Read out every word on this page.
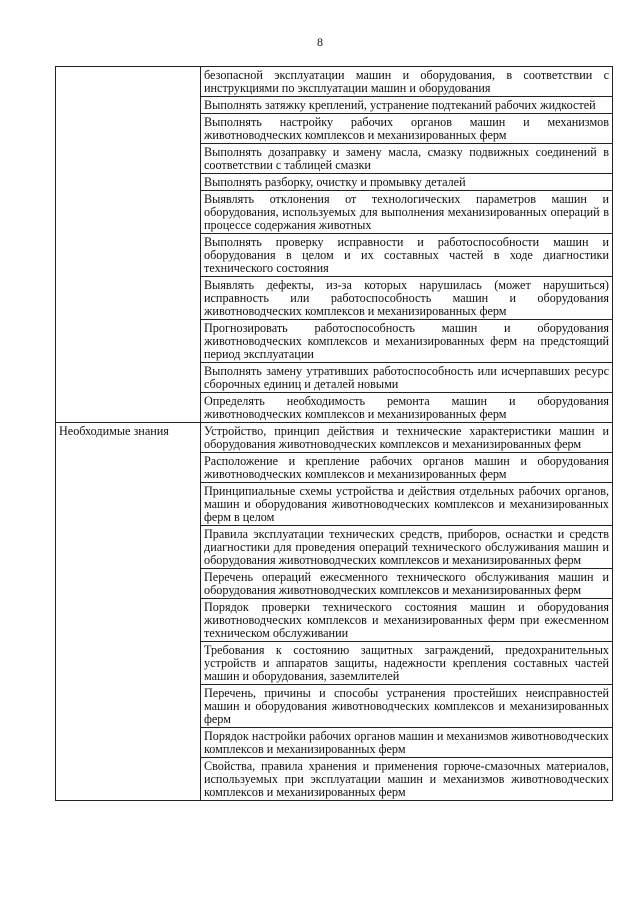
8

	безопасной эксплуатации машин и оборудования, в соответствии с инструкциями по эксплуатации машин и оборудования

	Выполнять затяжку креплений, устранение подтеканий рабочих жидкостей

	Выполнять настройку рабочих органов машин и механизмов животноводческих комплексов и механизированных ферм

	Выполнять дозаправку и замену масла, смазку подвижных соединений в соответствии с таблицей смазки

	Выполнять разборку, очистку и промывку деталей

	Выявлять отклонения от технологических параметров машин и оборудования, используемых для выполнения механизированных операций в процессе содержания животных

	Выполнять проверку исправности и работоспособности машин и оборудования в целом и их составных частей в ходе диагностики технического состояния

	Выявлять дефекты, из-за которых нарушилась (может нарушиться) исправность или работоспособность машин и оборудования животноводческих комплексов и механизированных ферм

	Прогнозировать работоспособность машин и оборудования животноводческих комплексов и механизированных ферм на предстоящий период эксплуатации

	Выполнять замену утративших работоспособность или исчерпавших ресурс сборочных единиц и деталей новыми

	Определять необходимость ремонта машин и оборудования животноводческих комплексов и механизированных ферм

Необходимые знания	Устройство, принцип действия и технические характеристики машин и оборудования животноводческих комплексов и механизированных ферм

	Расположение и крепление рабочих органов машин и оборудования животноводческих комплексов и механизированных ферм

	Принципиальные схемы устройства и действия отдельных рабочих органов, машин и оборудования животноводческих комплексов и механизированных ферм в целом

	Правила эксплуатации технических средств, приборов, оснастки и средств диагностики для проведения операций технического обслуживания машин и оборудования животноводческих комплексов и механизированных ферм

	Перечень операций ежесменного технического обслуживания машин и оборудования животноводческих комплексов и механизированных ферм

	Порядок проверки технического состояния машин и оборудования животноводческих комплексов и механизированных ферм при ежесменном техническом обслуживании

	Требования к состоянию защитных заграждений, предохранительных устройств и аппаратов защиты, надежности крепления составных частей машин и оборудования, заземлителей

	Перечень, причины и способы устранения простейших неисправностей машин и оборудования животноводческих комплексов и механизированных ферм

	Порядок настройки рабочих органов машин и механизмов животноводческих комплексов и механизированных ферм

	Свойства, правила хранения и применения горюче-смазочных материалов, используемых при эксплуатации машин и механизмов животноводческих комплексов и механизированных ферм
